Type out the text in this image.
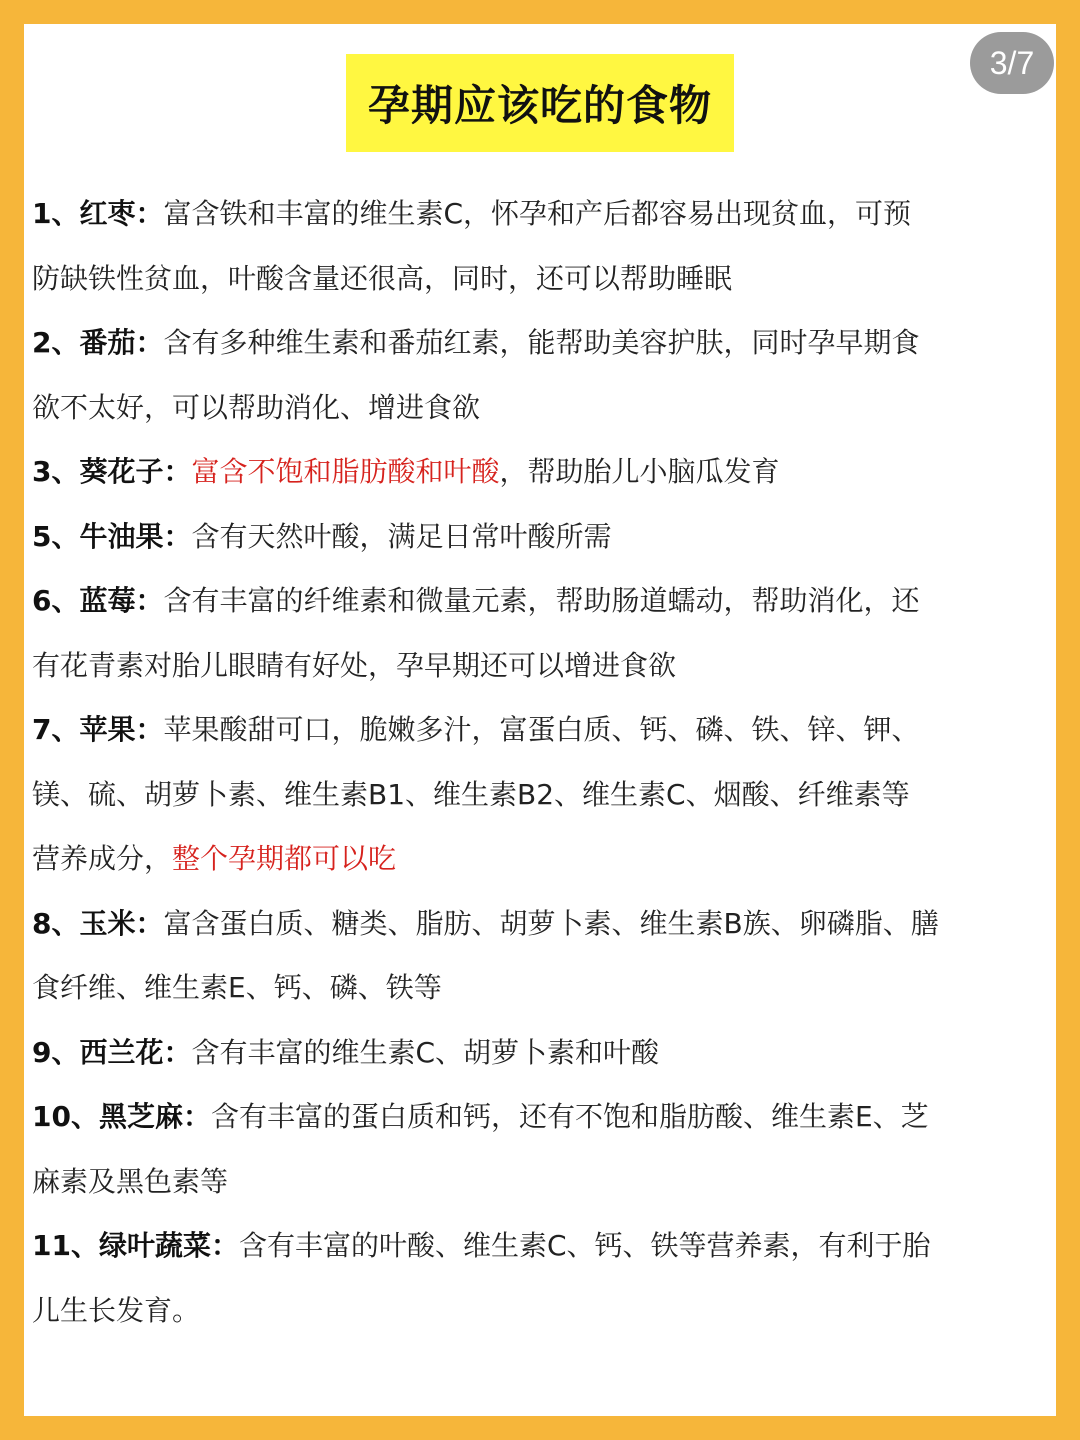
3/7
孕期应该吃的食物
1、红枣：富含铁和丰富的维生素C，怀孕和产后都容易出现贫血，可预
防缺铁性贫血，叶酸含量还很高，同时，还可以帮助睡眠
2、番茄：含有多种维生素和番茄红素，能帮助美容护肤，同时孕早期食
欲不太好，可以帮助消化、增进食欲
3、葵花子：富含不饱和脂肪酸和叶酸，帮助胎儿小脑瓜发育
5、牛油果：含有天然叶酸，满足日常叶酸所需
6、蓝莓：含有丰富的纤维素和微量元素，帮助肠道蠕动，帮助消化，还
有花青素对胎儿眼睛有好处，孕早期还可以增进食欲
7、苹果：苹果酸甜可口，脆嫩多汁，富蛋白质、钙、磷、铁、锌、钾、
镁、硫、胡萝卜素、维生素B1、维生素B2、维生素C、烟酸、纤维素等
营养成分，整个孕期都可以吃
8、玉米：富含蛋白质、糖类、脂肪、胡萝卜素、维生素B族、卵磷脂、膳
食纤维、维生素E、钙、磷、铁等
9、西兰花：含有丰富的维生素C、胡萝卜素和叶酸
10、黑芝麻：含有丰富的蛋白质和钙，还有不饱和脂肪酸、维生素E、芝
麻素及黑色素等
11、绿叶蔬菜：含有丰富的叶酸、维生素C、钙、铁等营养素，有利于胎
儿生长发育。
